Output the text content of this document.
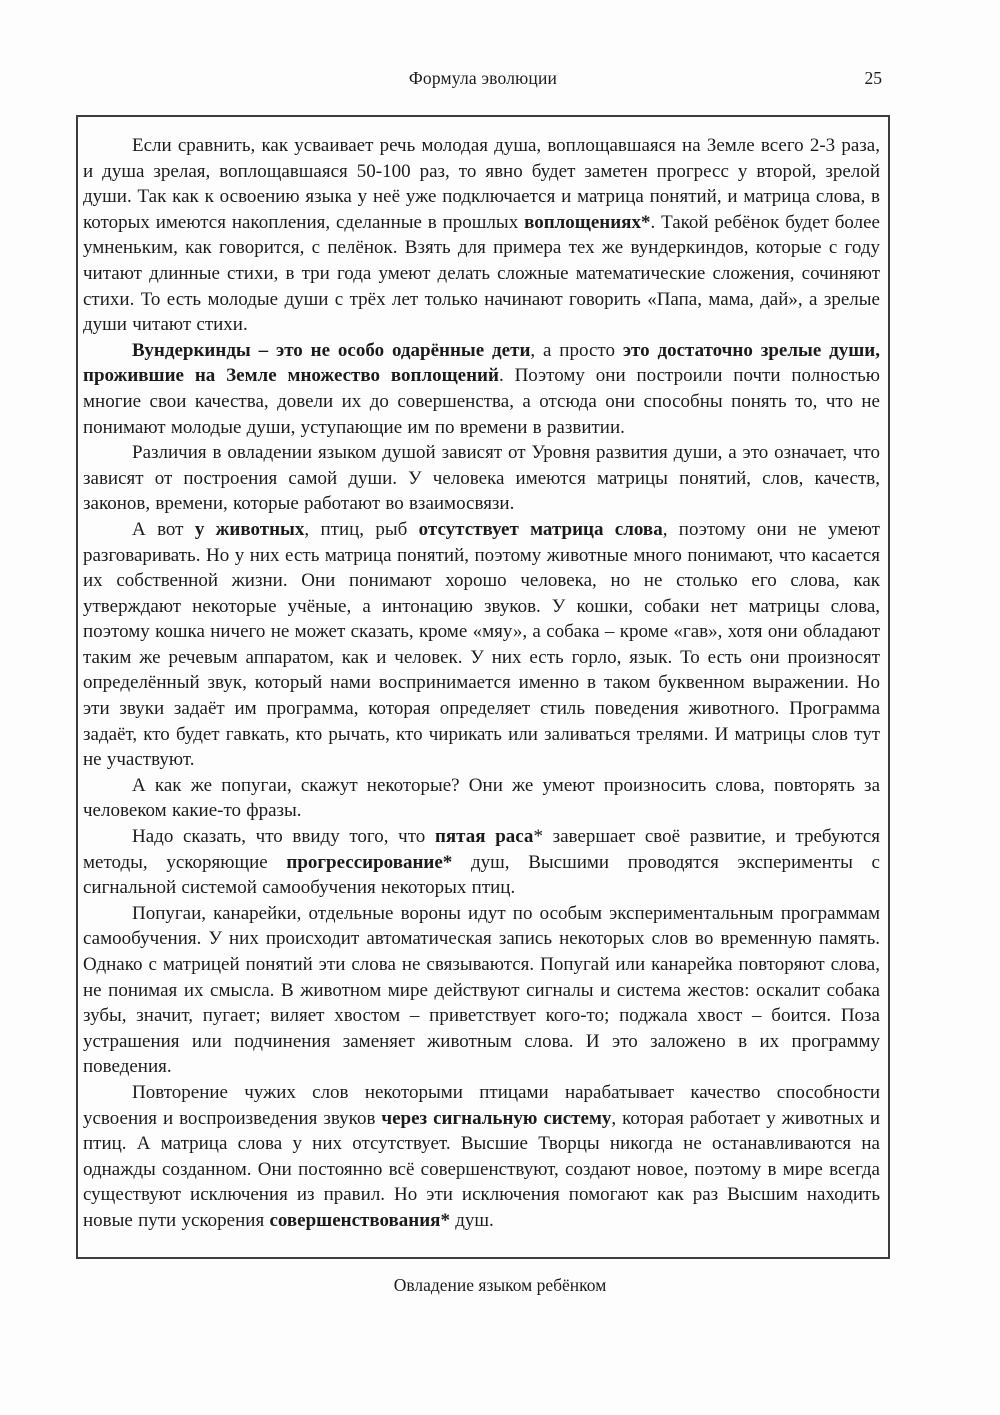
Формула эволюции	25

Если сравнить, как усваивает речь молодая душа, воплощавшаяся на Земле всего 2-3 раза, и душа зрелая, воплощавшаяся 50-100 раз, то явно будет заметен прогресс у второй, зрелой души. Так как к освоению языка у неё уже подключается и матрица понятий, и матрица слова, в которых имеются накопления, сделанные в прошлых воплощениях*. Такой ребёнок будет более умненьким, как говорится, с пелёнок. Взять для примера тех же вундеркиндов, которые с году читают длинные стихи, в три года умеют делать сложные математические сложения, сочиняют стихи. То есть молодые души с трёх лет только начинают говорить «Папа, мама, дай», а зрелые души читают стихи.

Вундеркинды – это не особо одарённые дети, а просто это достаточно зрелые души, прожившие на Земле множество воплощений. Поэтому они построили почти полностью многие свои качества, довели их до совершенства, а отсюда они способны понять то, что не понимают молодые души, уступающие им по времени в развитии.

Различия в овладении языком душой зависят от Уровня развития души, а это означает, что зависят от построения самой души. У человека имеются матрицы понятий, слов, качеств, законов, времени, которые работают во взаимосвязи.

А вот у животных, птиц, рыб отсутствует матрица слова, поэтому они не умеют разговаривать. Но у них есть матрица понятий, поэтому животные много понимают, что касается их собственной жизни. Они понимают хорошо человека, но не столько его слова, как утверждают некоторые учёные, а интонацию звуков. У кошки, собаки нет матрицы слова, поэтому кошка ничего не может сказать, кроме «мяу», а собака – кроме «гав», хотя они обладают таким же речевым аппаратом, как и человек. У них есть горло, язык. То есть они произносят определённый звук, который нами воспринимается именно в таком буквенном выражении. Но эти звуки задаёт им программа, которая определяет стиль поведения животного. Программа задаёт, кто будет гавкать, кто рычать, кто чирикать или заливаться трелями. И матрицы слов тут не участвуют.

А как же попугаи, скажут некоторые? Они же умеют произносить слова, повторять за человеком какие-то фразы.

Надо сказать, что ввиду того, что пятая раса* завершает своё развитие, и требуются методы, ускоряющие прогрессирование* душ, Высшими проводятся эксперименты с сигнальной системой самообучения некоторых птиц.

Попугаи, канарейки, отдельные вороны идут по особым экспериментальным программам самообучения. У них происходит автоматическая запись некоторых слов во временную память. Однако с матрицей понятий эти слова не связываются. Попугай или канарейка повторяют слова, не понимая их смысла. В животном мире действуют сигналы и система жестов: оскалит собака зубы, значит, пугает; виляет хвостом – приветствует кого-то; поджала хвост – боится. Поза устрашения или подчинения заменяет животным слова. И это заложено в их программу поведения.

Повторение чужих слов некоторыми птицами нарабатывает качество способности усвоения и воспроизведения звуков через сигнальную систему, которая работает у животных и птиц. А матрица слова у них отсутствует. Высшие Творцы никогда не останавливаются на однажды созданном. Они постоянно всё совершенствуют, создают новое, поэтому в мире всегда существуют исключения из правил. Но эти исключения помогают как раз Высшим находить новые пути ускорения совершенствования* душ.

Овладение языком ребёнком
